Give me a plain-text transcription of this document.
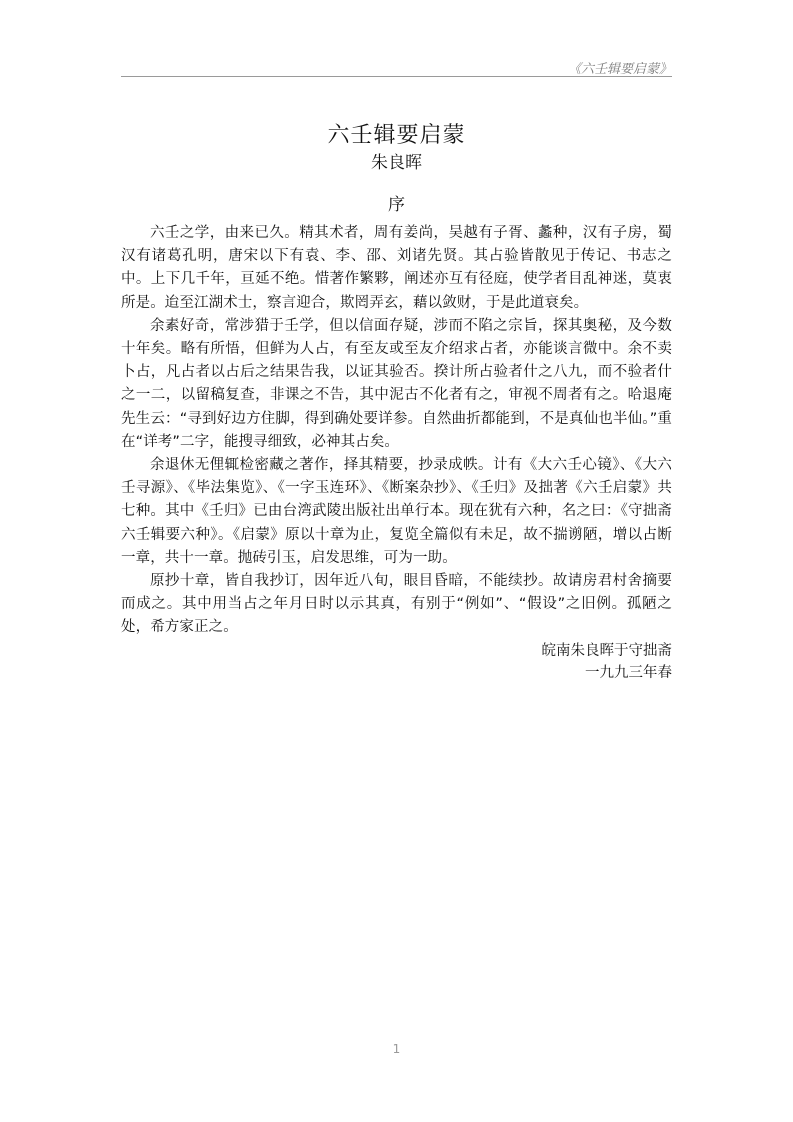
《六壬辑要启蒙》
六壬辑要启蒙
朱良晖
序

六壬之学，由来已久。精其术者，周有姜尚，吴越有子胥、蠡种，汉有子房，蜀汉有诸葛孔明，唐宋以下有袁、李、邵、刘诸先贤。其占验皆散见于传记、书志之中。上下几千年，亘延不绝。惜著作繁夥，阐述亦互有径庭，使学者目乱神迷，莫衷所是。迨至江湖术士，察言迎合，欺罔弄玄，藉以敛财，于是此道衰矣。

余素好奇，常涉猎于壬学，但以信面存疑，涉而不陷之宗旨，探其奥秘，及今数十年矣。略有所悟，但鲜为人占，有至友或至友介绍求占者，亦能谈言微中。余不卖卜占，凡占者以占后之结果告我，以证其验否。揆计所占验者什之八九，而不验者什之一二，以留稿复查，非课之不告，其中泥古不化者有之，审视不周者有之。哈退庵先生云：“寻到好边方住脚，得到确处要详参。自然曲折都能到，不是真仙也半仙。”重在“详考”二字，能搜寻细致，必神其占矣。

余退休无俚辄检密藏之著作，择其精要，抄录成帙。计有《大六壬心镜》、《大六壬寻源》、《毕法集览》、《一字玉连环》、《断案杂抄》、《壬归》及拙著《六壬启蒙》共七种。其中《壬归》已由台湾武陵出版社出单行本。现在犹有六种，名之曰：《守拙斋六壬辑要六种》。《启蒙》原以十章为止，复览全篇似有未足，故不揣谫陋，增以占断一章，共十一章。抛砖引玉，启发思维，可为一助。

原抄十章，皆自我抄订，因年近八旬，眼目昏暗，不能续抄。故请房君村舍摘要而成之。其中用当占之年月日时以示其真，有别于“例如”、“假设”之旧例。孤陋之处，希方家正之。

皖南朱良晖于守拙斋
一九九三年春
1
